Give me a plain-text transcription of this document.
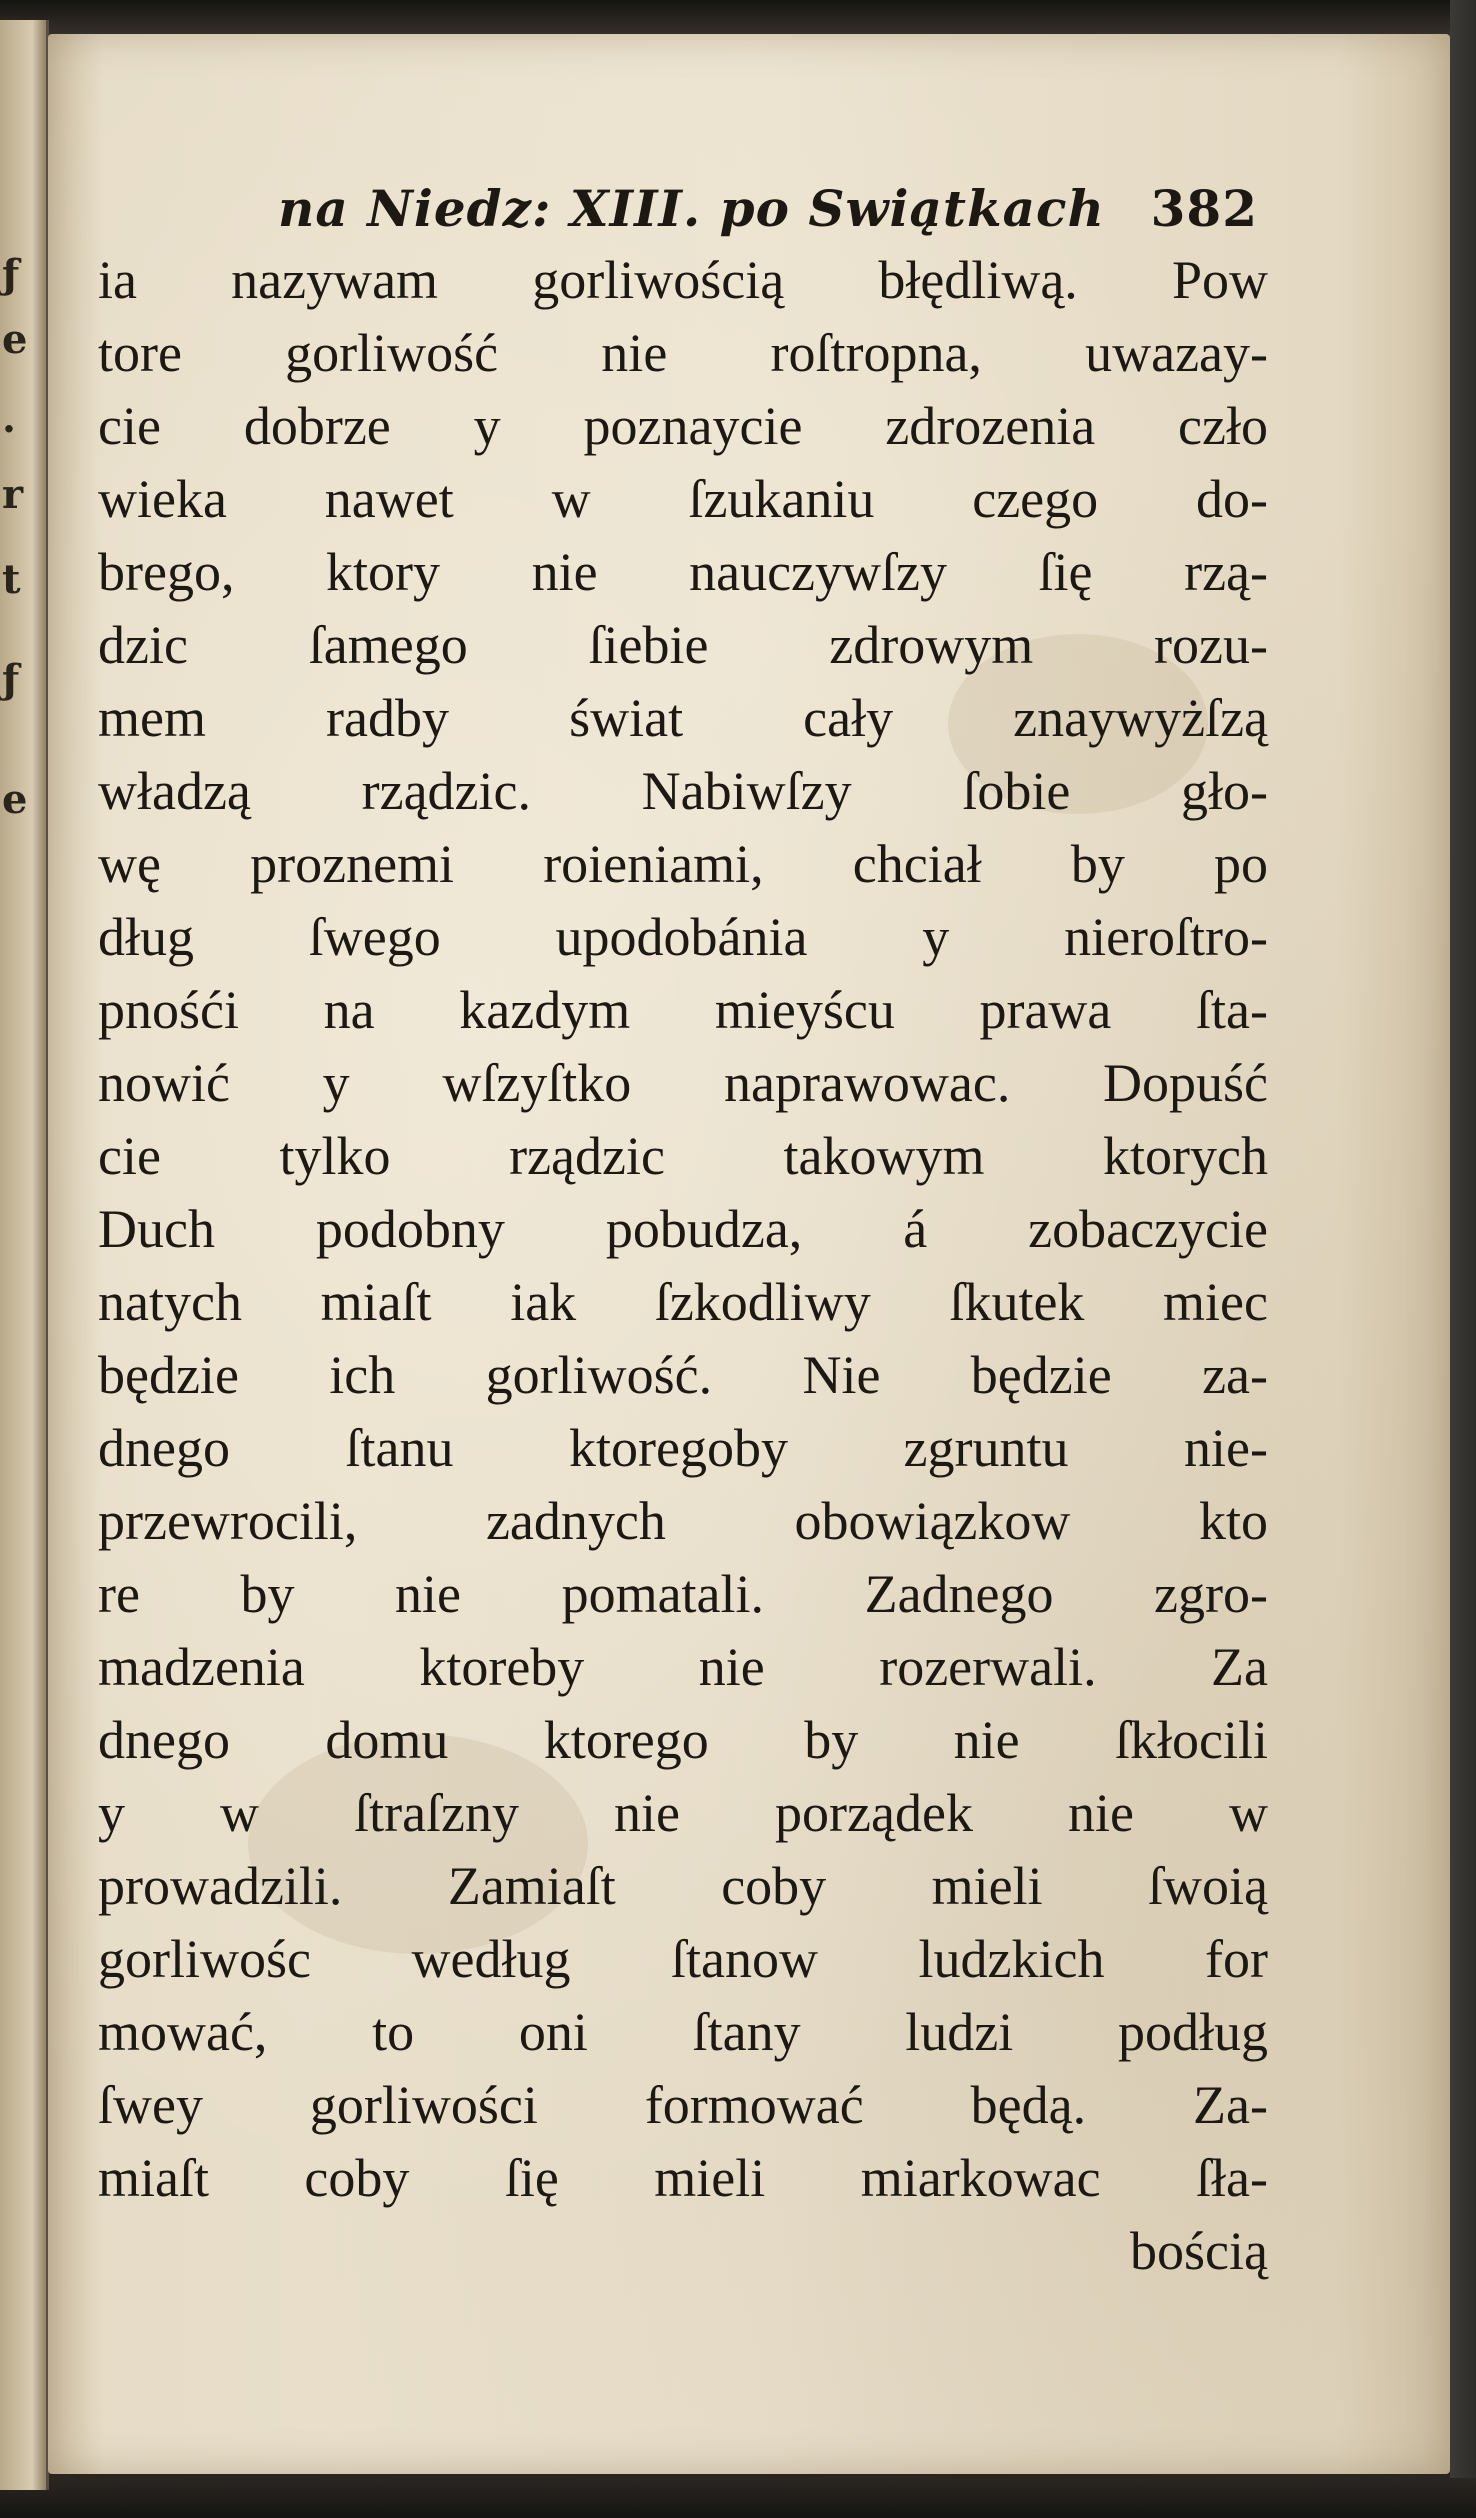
ƒ
e
·
r
t
ƒ
e
na Niedz: XIII. po Swiątkach 382
ia nazywam gorliwością błędliwą. Pow
tore gorliwość nie roſtropna, uwazay-
cie dobrze y poznaycie zdrozenia czło
wieka nawet w ſzukaniu czego do-
brego, ktory nie nauczywſzy ſię rzą-
dzic ſamego ſiebie zdrowym rozu-
mem radby świat cały znaywyżſzą
władzą rządzic. Nabiwſzy ſobie gło-
wę proznemi roieniami, chciał by po
dług ſwego upodobánia y nieroſtro-
pnośći na kazdym mieyścu prawa ſta-
nowić y wſzyſtko naprawowac. Dopuść
cie tylko rządzic takowym ktorych
Duch podobny pobudza, á zobaczycie
natych miaſt iak ſzkodliwy ſkutek miec
będzie ich gorliwość. Nie będzie za-
dnego ſtanu ktoregoby zgruntu nie-
przewrocili, zadnych obowiązkow kto
re by nie pomatali. Zadnego zgro-
madzenia ktoreby nie rozerwali. Za
dnego domu ktorego by nie ſkłocili
y w ſtraſzny nie porządek nie w
prowadzili. Zamiaſt coby mieli ſwoią
gorliwośc według ſtanow ludzkich for
mować, to oni ſtany ludzi podług
ſwey gorliwości formować będą. Za-
miaſt coby ſię mieli miarkowac ſła-
bością
